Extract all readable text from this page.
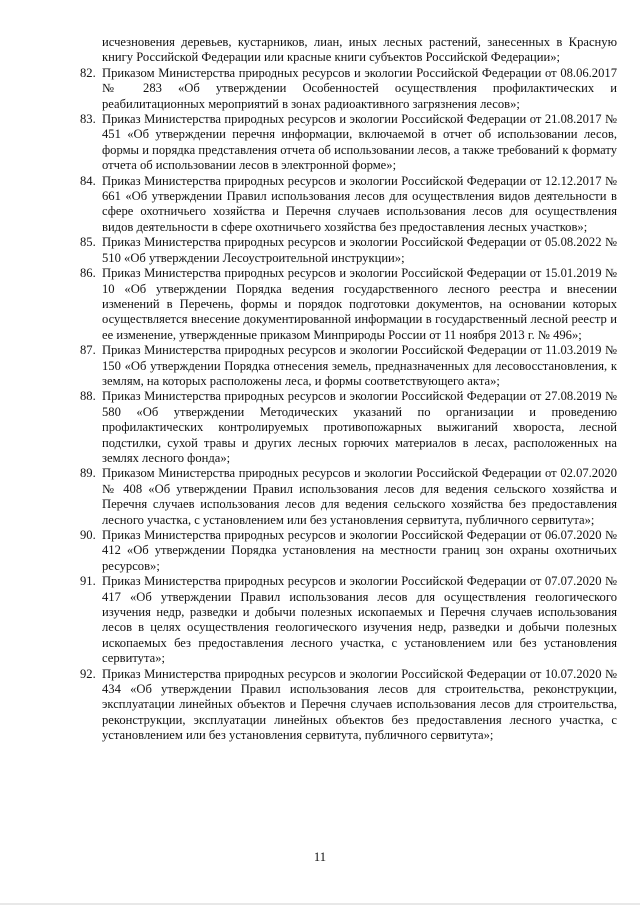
исчезновения деревьев, кустарников, лиан, иных лесных растений, занесенных в Красную книгу Российской Федерации или красные книги субъектов Российской Федерации»;
82. Приказом Министерства природных ресурсов и экологии Российской Федерации от 08.06.2017 № 283 «Об утверждении Особенностей осуществления профилактических и реабилитационных мероприятий в зонах радиоактивного загрязнения лесов»;
83. Приказ Министерства природных ресурсов и экологии Российской Федерации от 21.08.2017 № 451 «Об утверждении перечня информации, включаемой в отчет об использовании лесов, формы и порядка представления отчета об использовании лесов, а также требований к формату отчета об использовании лесов в электронной форме»;
84. Приказ Министерства природных ресурсов и экологии Российской Федерации от 12.12.2017 № 661 «Об утверждении Правил использования лесов для осуществления видов деятельности в сфере охотничьего хозяйства и Перечня случаев использования лесов для осуществления видов деятельности в сфере охотничьего хозяйства без предоставления лесных участков»;
85. Приказ Министерства природных ресурсов и экологии Российской Федерации от 05.08.2022 № 510 «Об утверждении Лесоустроительной инструкции»;
86. Приказ Министерства природных ресурсов и экологии Российской Федерации от 15.01.2019 № 10 «Об утверждении Порядка ведения государственного лесного реестра и внесении изменений в Перечень, формы и порядок подготовки документов, на основании которых осуществляется внесение документированной информации в государственный лесной реестр и ее изменение, утвержденные приказом Минприроды России от 11 ноября 2013 г. № 496»;
87. Приказ Министерства природных ресурсов и экологии Российской Федерации от 11.03.2019 № 150 «Об утверждении Порядка отнесения земель, предназначенных для лесовосстановления, к землям, на которых расположены леса, и формы соответствующего акта»;
88. Приказ Министерства природных ресурсов и экологии Российской Федерации от 27.08.2019 № 580 «Об утверждении Методических указаний по организации и проведению профилактических контролируемых противопожарных выжиганий хвороста, лесной подстилки, сухой травы и других лесных горючих материалов в лесах, расположенных на землях лесного фонда»;
89. Приказом Министерства природных ресурсов и экологии Российской Федерации от 02.07.2020 № 408 «Об утверждении Правил использования лесов для ведения сельского хозяйства и Перечня случаев использования лесов для ведения сельского хозяйства без предоставления лесного участка, с установлением или без установления сервитута, публичного сервитута»;
90. Приказ Министерства природных ресурсов и экологии Российской Федерации от 06.07.2020 № 412 «Об утверждении Порядка установления на местности границ зон охраны охотничьих ресурсов»;
91. Приказ Министерства природных ресурсов и экологии Российской Федерации от 07.07.2020 № 417 «Об утверждении Правил использования лесов для осуществления геологического изучения недр, разведки и добычи полезных ископаемых и Перечня случаев использования лесов в целях осуществления геологического изучения недр, разведки и добычи полезных ископаемых без предоставления лесного участка, с установлением или без установления сервитута»;
92. Приказ Министерства природных ресурсов и экологии Российской Федерации от 10.07.2020 № 434 «Об утверждении Правил использования лесов для строительства, реконструкции, эксплуатации линейных объектов и Перечня случаев использования лесов для строительства, реконструкции, эксплуатации линейных объектов без предоставления лесного участка, с установлением или без установления сервитута, публичного сервитута»;
11
